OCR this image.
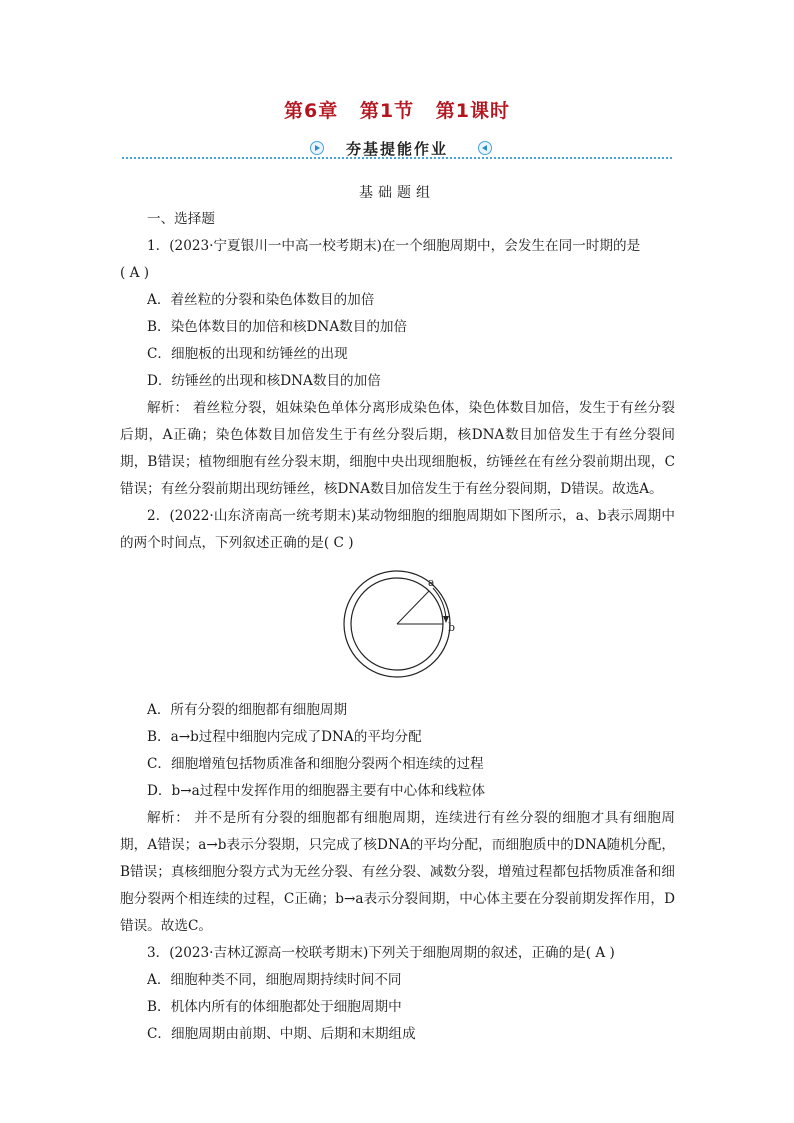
第6章 第1节 第1课时
夯基提能作业
基础题组

一、选择题

1．(2023·宁夏银川一中高一校考期末)在一个细胞周期中，会发生在同一时期的是

( A )

A．着丝粒的分裂和染色体数目的加倍

B．染色体数目的加倍和核DNA数目的加倍

C．细胞板的出现和纺锤丝的出现

D．纺锤丝的出现和核DNA数目的加倍

解析： 着丝粒分裂，姐妹染色单体分离形成染色体，染色体数目加倍，发生于有丝分裂后期，A正确；染色体数目加倍发生于有丝分裂后期，核DNA数目加倍发生于有丝分裂间期，B错误；植物细胞有丝分裂末期，细胞中央出现细胞板，纺锤丝在有丝分裂前期出现，C错误；有丝分裂前期出现纺锤丝，核DNA数目加倍发生于有丝分裂间期，D错误。故选A。

2．(2022·山东济南高一统考期末)某动物细胞的细胞周期如下图所示，a、b表示周期中的两个时间点，下列叙述正确的是( C )

a
b

A．所有分裂的细胞都有细胞周期

B．a→b过程中细胞内完成了DNA的平均分配

C．细胞增殖包括物质准备和细胞分裂两个相连续的过程

D．b→a过程中发挥作用的细胞器主要有中心体和线粒体

解析： 并不是所有分裂的细胞都有细胞周期，连续进行有丝分裂的细胞才具有细胞周期，A错误；a→b表示分裂期，只完成了核DNA的平均分配，而细胞质中的DNA随机分配，B错误；真核细胞分裂方式为无丝分裂、有丝分裂、减数分裂，增殖过程都包括物质准备和细胞分裂两个相连续的过程，C正确；b→a表示分裂间期，中心体主要在分裂前期发挥作用，D错误。故选C。

3．(2023·吉林辽源高一校联考期末)下列关于细胞周期的叙述，正确的是( A )

A．细胞种类不同，细胞周期持续时间不同

B．机体内所有的体细胞都处于细胞周期中

C．细胞周期由前期、中期、后期和末期组成
